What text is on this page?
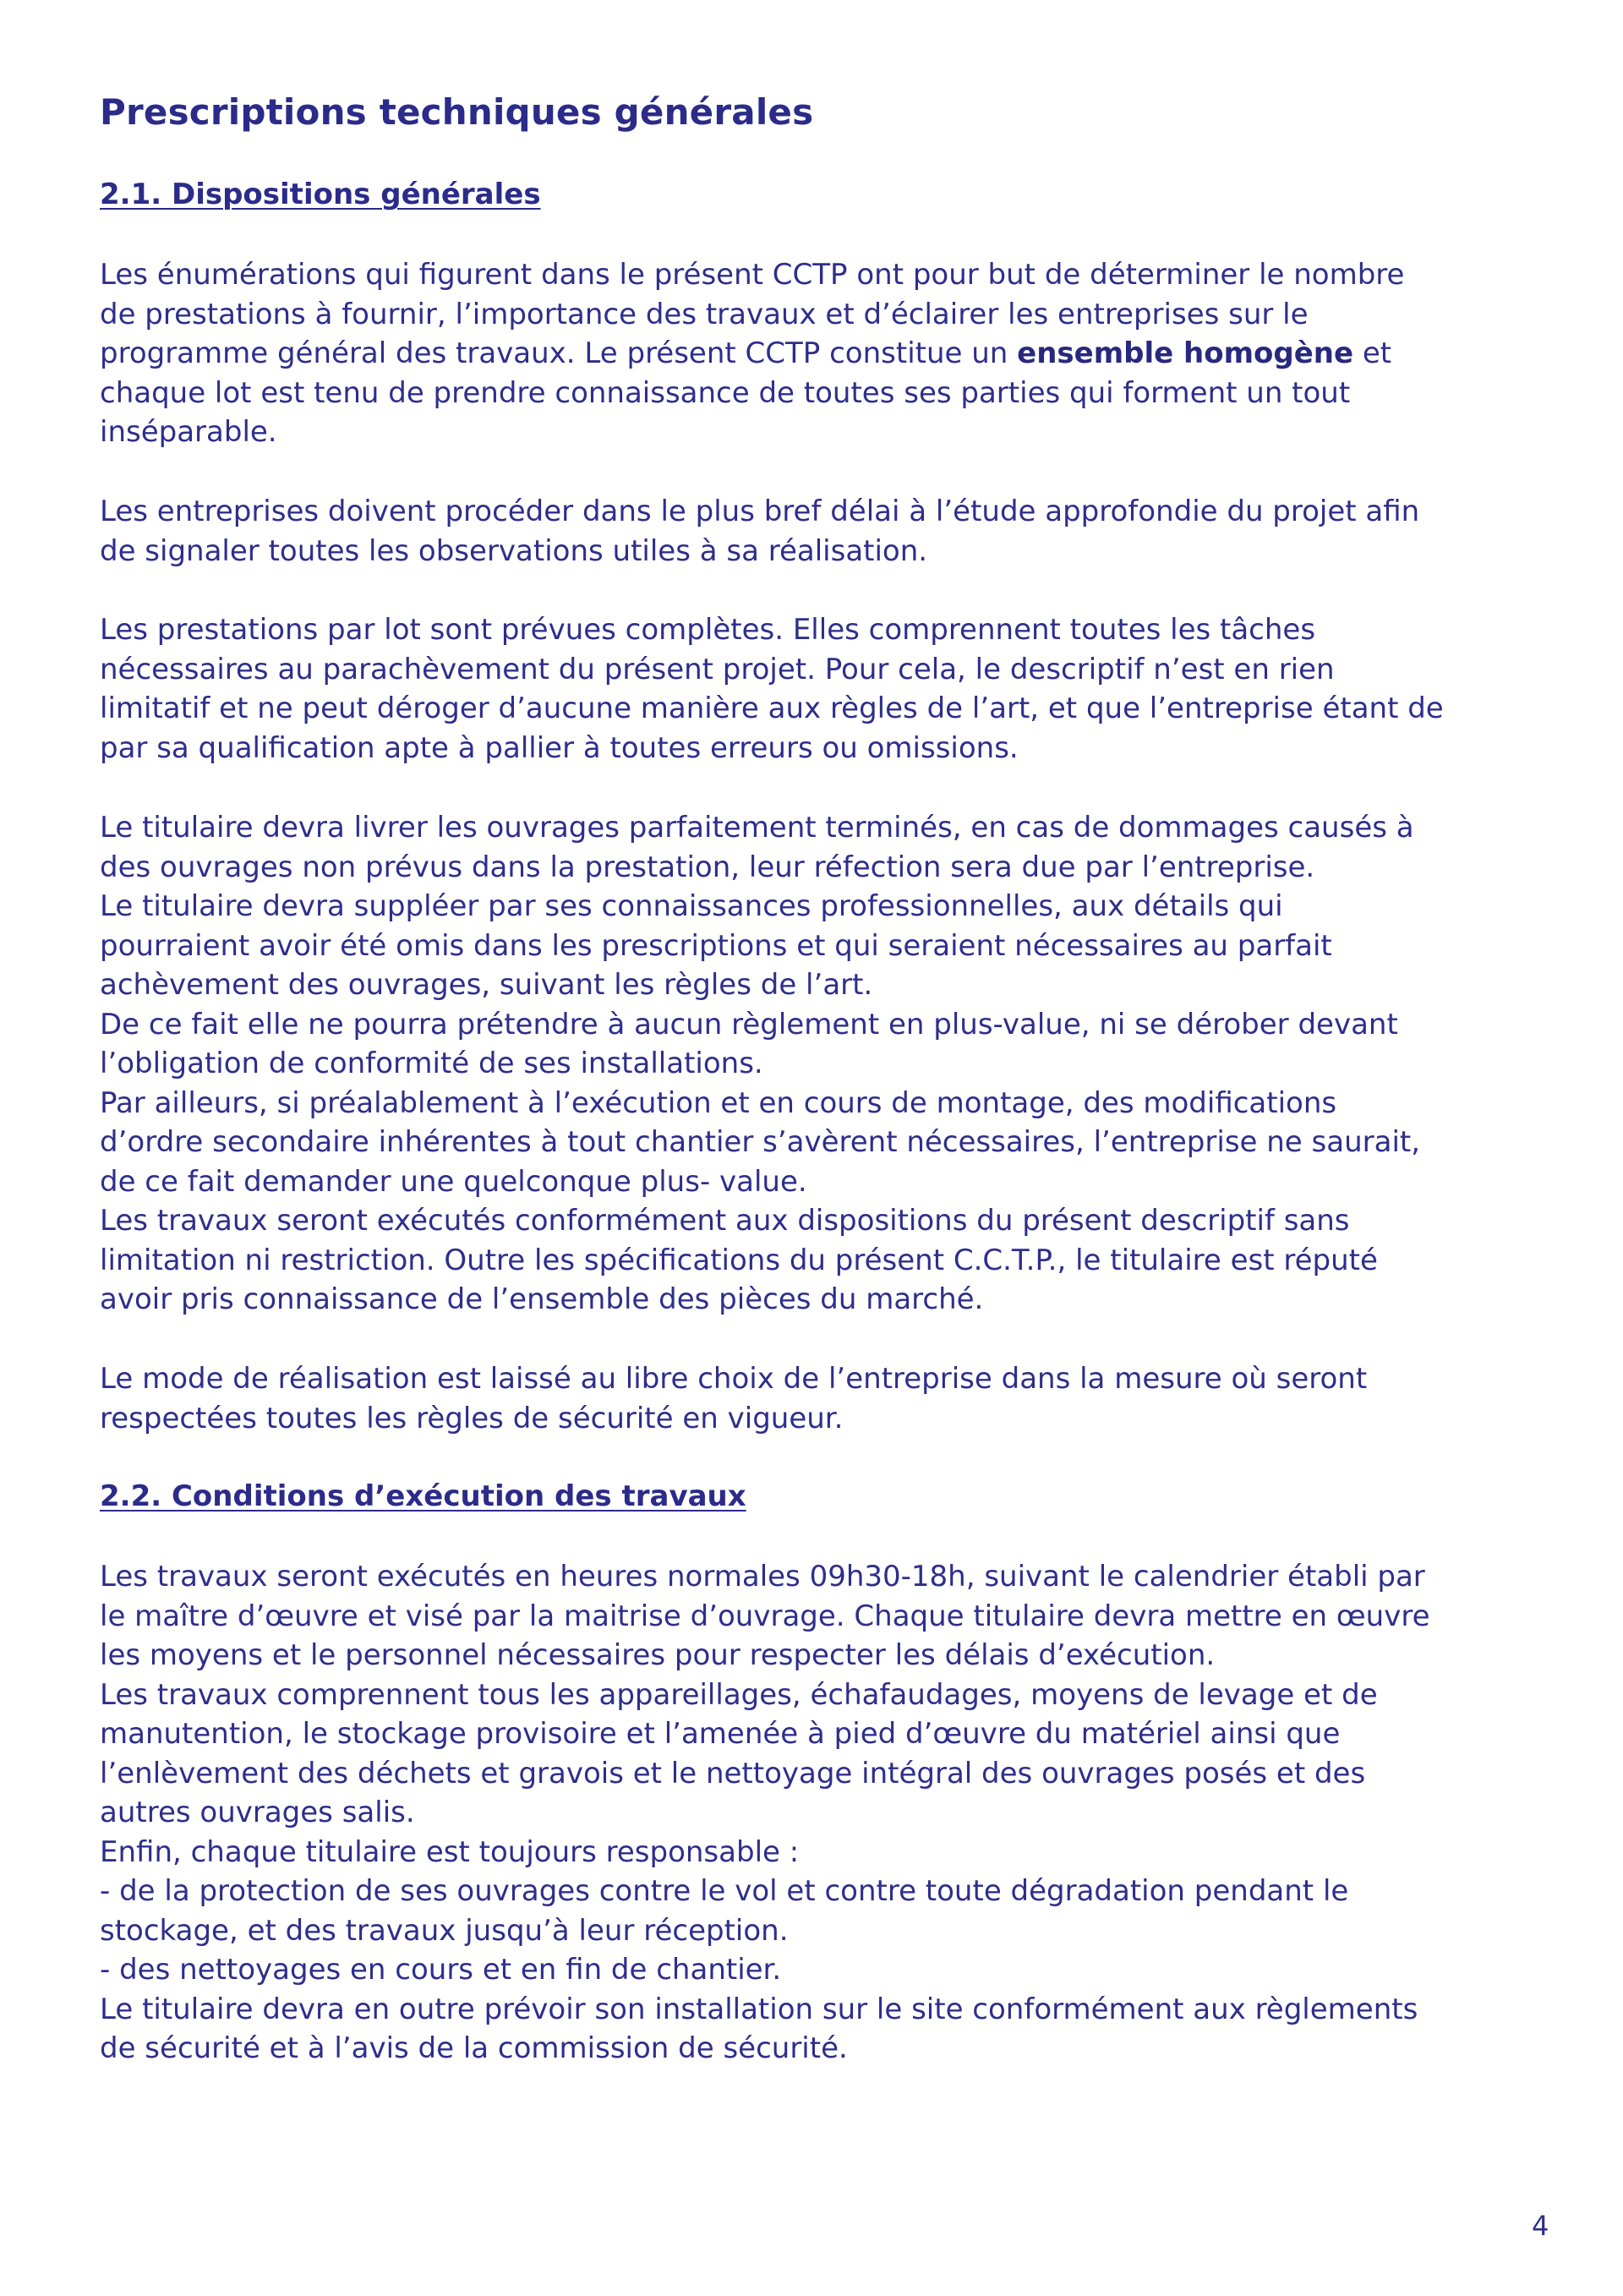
Prescriptions techniques générales
2.1. Dispositions générales

Les énumérations qui figurent dans le présent CCTP ont pour but de déterminer le nombre
de prestations à fournir, l’importance des travaux et d’éclairer les entreprises sur le
programme général des travaux. Le présent CCTP constitue un ensemble homogène et
chaque lot est tenu de prendre connaissance de toutes ses parties qui forment un tout
inséparable.

Les entreprises doivent procéder dans le plus bref délai à l’étude approfondie du projet afin
de signaler toutes les observations utiles à sa réalisation.

Les prestations par lot sont prévues complètes. Elles comprennent toutes les tâches
nécessaires au parachèvement du présent projet. Pour cela, le descriptif n’est en rien
limitatif et ne peut déroger d’aucune manière aux règles de l’art, et que l’entreprise étant de
par sa qualification apte à pallier à toutes erreurs ou omissions.

Le titulaire devra livrer les ouvrages parfaitement terminés, en cas de dommages causés à
des ouvrages non prévus dans la prestation, leur réfection sera due par l’entreprise.
Le titulaire devra suppléer par ses connaissances professionnelles, aux détails qui
pourraient avoir été omis dans les prescriptions et qui seraient nécessaires au parfait
achèvement des ouvrages, suivant les règles de l’art.
De ce fait elle ne pourra prétendre à aucun règlement en plus-value, ni se dérober devant
l’obligation de conformité de ses installations.
Par ailleurs, si préalablement à l’exécution et en cours de montage, des modifications
d’ordre secondaire inhérentes à tout chantier s’avèrent nécessaires, l’entreprise ne saurait,
de ce fait demander une quelconque plus- value.
Les travaux seront exécutés conformément aux dispositions du présent descriptif sans
limitation ni restriction. Outre les spécifications du présent C.C.T.P., le titulaire est réputé
avoir pris connaissance de l’ensemble des pièces du marché.

Le mode de réalisation est laissé au libre choix de l’entreprise dans la mesure où seront
respectées toutes les règles de sécurité en vigueur.

2.2. Conditions d’exécution des travaux

Les travaux seront exécutés en heures normales 09h30-18h, suivant le calendrier établi par
le maître d’œuvre et visé par la maitrise d’ouvrage. Chaque titulaire devra mettre en œuvre
les moyens et le personnel nécessaires pour respecter les délais d’exécution.
Les travaux comprennent tous les appareillages, échafaudages, moyens de levage et de
manutention, le stockage provisoire et l’amenée à pied d’œuvre du matériel ainsi que
l’enlèvement des déchets et gravois et le nettoyage intégral des ouvrages posés et des
autres ouvrages salis.
Enfin, chaque titulaire est toujours responsable :
- de la protection de ses ouvrages contre le vol et contre toute dégradation pendant le
stockage, et des travaux jusqu’à leur réception.
- des nettoyages en cours et en fin de chantier.
Le titulaire devra en outre prévoir son installation sur le site conformément aux règlements
de sécurité et à l’avis de la commission de sécurité.

4
